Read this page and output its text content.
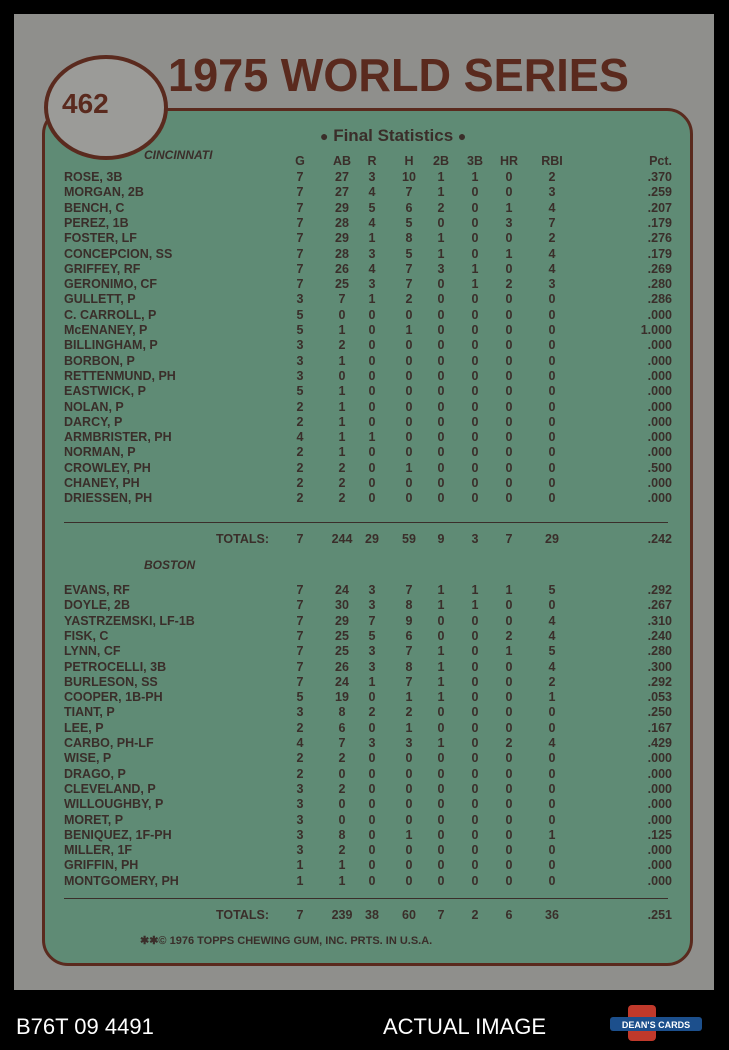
462
1975 WORLD SERIES
● Final Statistics ●
CINCINNATI	G	AB	R	H	2B	3B	HR	RBI	Pct.
ROSE, 3B	7	27	3	10	1	1	0	2	.370
MORGAN, 2B	7	27	4	7	1	0	0	3	.259
BENCH, C	7	29	5	6	2	0	1	4	.207
PEREZ, 1B	7	28	4	5	0	0	3	7	.179
FOSTER, LF	7	29	1	8	1	0	0	2	.276
CONCEPCION, SS	7	28	3	5	1	0	1	4	.179
GRIFFEY, RF	7	26	4	7	3	1	0	4	.269
GERONIMO, CF	7	25	3	7	0	1	2	3	.280
GULLETT, P	3	7	1	2	0	0	0	0	.286
C. CARROLL, P	5	0	0	0	0	0	0	0	.000
McENANEY, P	5	1	0	1	0	0	0	0	1.000
BILLINGHAM, P	3	2	0	0	0	0	0	0	.000
BORBON, P	3	1	0	0	0	0	0	0	.000
RETTENMUND, PH	3	0	0	0	0	0	0	0	.000
EASTWICK, P	5	1	0	0	0	0	0	0	.000
NOLAN, P	2	1	0	0	0	0	0	0	.000
DARCY, P	2	1	0	0	0	0	0	0	.000
ARMBRISTER, PH	4	1	1	0	0	0	0	0	.000
NORMAN, P	2	1	0	0	0	0	0	0	.000
CROWLEY, PH	2	2	0	1	0	0	0	0	.500
CHANEY, PH	2	2	0	0	0	0	0	0	.000
DRIESSEN, PH	2	2	0	0	0	0	0	0	.000
TOTALS:	7	244	29	59	9	3	7	29	.242
BOSTON
EVANS, RF	7	24	3	7	1	1	1	5	.292
DOYLE, 2B	7	30	3	8	1	1	0	0	.267
YASTRZEMSKI, LF-1B	7	29	7	9	0	0	0	4	.310
FISK, C	7	25	5	6	0	0	2	4	.240
LYNN, CF	7	25	3	7	1	0	1	5	.280
PETROCELLI, 3B	7	26	3	8	1	0	0	4	.300
BURLESON, SS	7	24	1	7	1	0	0	2	.292
COOPER, 1B-PH	5	19	0	1	1	0	0	1	.053
TIANT, P	3	8	2	2	0	0	0	0	.250
LEE, P	2	6	0	1	0	0	0	0	.167
CARBO, PH-LF	4	7	3	3	1	0	2	4	.429
WISE, P	2	2	0	0	0	0	0	0	.000
DRAGO, P	2	0	0	0	0	0	0	0	.000
CLEVELAND, P	3	2	0	0	0	0	0	0	.000
WILLOUGHBY, P	3	0	0	0	0	0	0	0	.000
MORET, P	3	0	0	0	0	0	0	0	.000
BENIQUEZ, 1F-PH	3	8	0	1	0	0	0	1	.125
MILLER, 1F	3	2	0	0	0	0	0	0	.000
GRIFFIN, PH	1	1	0	0	0	0	0	0	.000
MONTGOMERY, PH	1	1	0	0	0	0	0	0	.000
TOTALS:	7	239	38	60	7	2	6	36	.251
✱✱© 1976 TOPPS CHEWING GUM, INC. PRTS. IN U.S.A.
B76T 09 4491	ACTUAL IMAGE	DEAN'S CARDS
